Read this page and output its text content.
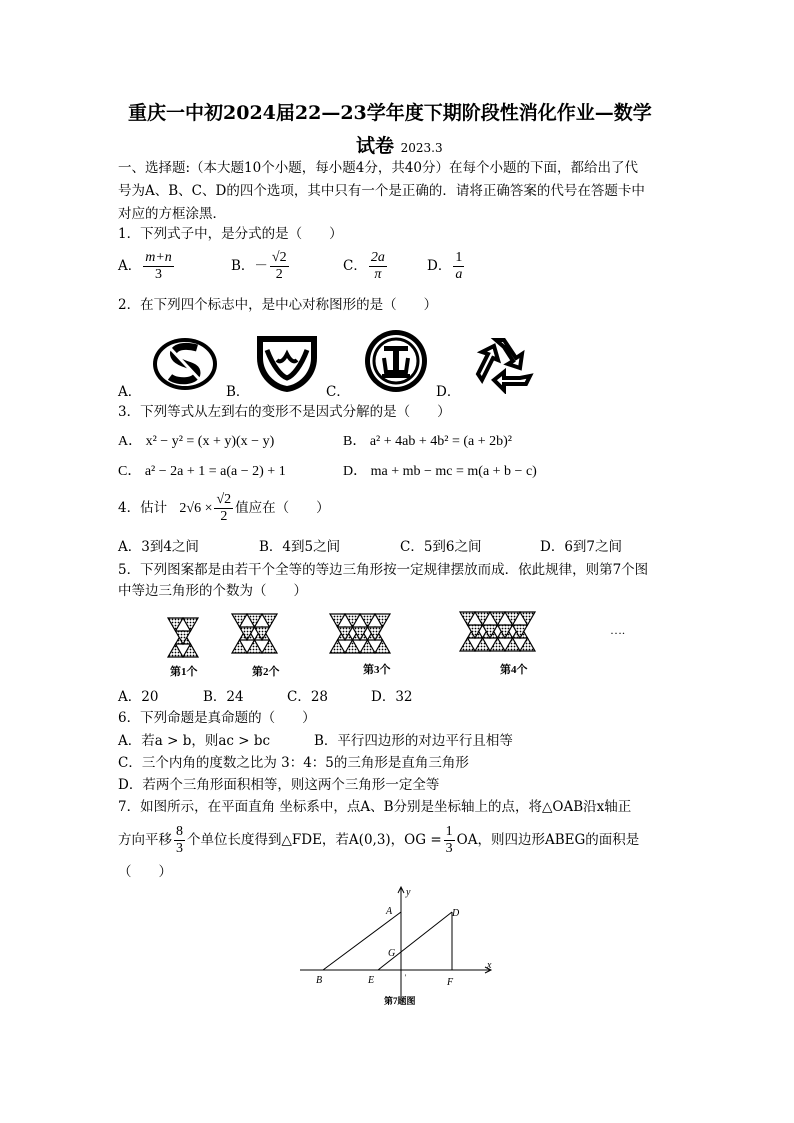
重庆一中初2024届22—23学年度下期阶段性消化作业—数学
试卷 2023.3
一、选择题:（本大题10个小题，每小题4分，共40分）在每个小题的下面，都给出了代
号为A、B、C、D的四个选项，其中只有一个是正确的．请将正确答案的代号在答题卡中
对应的方框涂黑．
1．下列式子中，是分式的是（　　）
A． $\frac{m+n}{3}$	B．－ $\frac{√2}{2}$	C． $\frac{2a}{\pi}$	D． $\frac{1}{a}$
2．在下列四个标志中，是中心对称图形的是（　　）
A．	B．	C．	D．
3．下列等式从左到右的变形不是因式分解的是（　　）
A． x² − y² = (x + y)(x − y)	B． a² + 4ab + 4b² = (a + 2b)²
C． a² − 2a + 1 = a(a − 2) + 1	D． ma + mb − mc = m(a + b − c)
4．估计 $2√6 \times \frac{√2}{2}$ 值应在（　　）
A．3到4之间	B．4到5之间	C．5到6之间	D．6到7之间
5．下列图案都是由若干个全等的等边三角形按一定规律摆放而成．依此规律，则第7个图
中等边三角形的个数为（　　）
第1个	第2个	第3个	第4个
….
A．20	B．24	C．28	D．32
6．下列命题是真命题的（　　）
A．若a > b，则ac > bc	B．平行四边形的对边平行且相等
C．三个内角的度数之比为 3：4：5的三角形是直角三角形
D．若两个三角形面积相等，则这两个三角形一定全等
7．如图所示，在平面直角 坐标系中，点A、B分别是坐标轴上的点，将△OAB沿x轴正
方向平移 $\frac{8}{3}$ 个单位长度得到△FDE，若A(0,3)，OG = $\frac{1}{3}$ OA，则四边形ABEG的面积是
（　　）
y
x
A	D
G
B	E	'	F
第7题图
